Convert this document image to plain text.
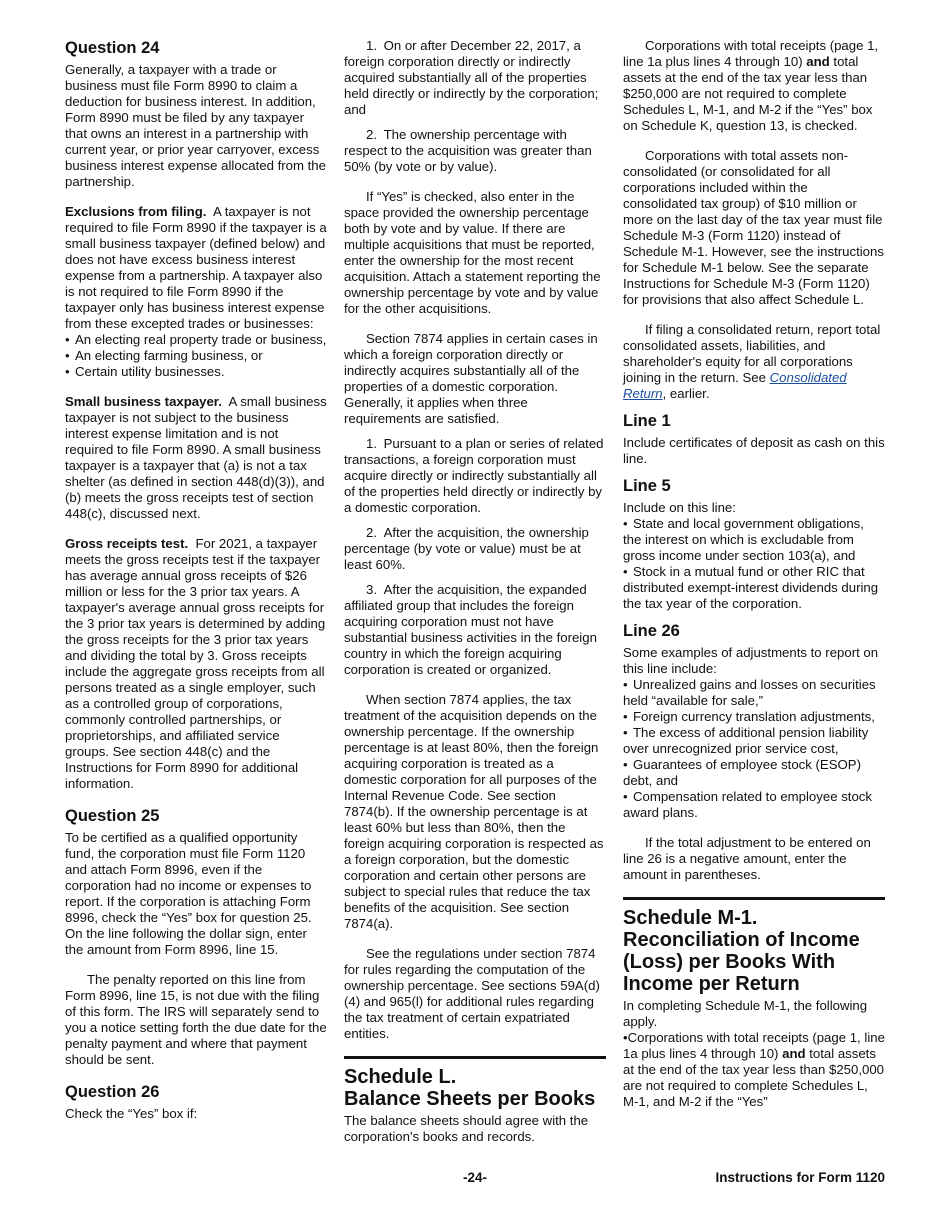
Question 24

Generally, a taxpayer with a trade or business must file Form 8990 to claim a deduction for business interest. In addition, Form 8990 must be filed by any taxpayer that owns an interest in a partnership with current year, or prior year carryover, excess business interest expense allocated from the partnership.

Exclusions from filing. A taxpayer is not required to file Form 8990 if the taxpayer is a small business taxpayer (defined below) and does not have excess business interest expense from a partnership. A taxpayer also is not required to file Form 8990 if the taxpayer only has business interest expense from these excepted trades or businesses:

• An electing real property trade or business,
• An electing farming business, or
• Certain utility businesses.

Small business taxpayer. A small business taxpayer is not subject to the business interest expense limitation and is not required to file Form 8990. A small business taxpayer is a taxpayer that (a) is not a tax shelter (as defined in section 448(d)(3)), and (b) meets the gross receipts test of section 448(c), discussed next.

Gross receipts test. For 2021, a taxpayer meets the gross receipts test if the taxpayer has average annual gross receipts of $26 million or less for the 3 prior tax years. A taxpayer's average annual gross receipts for the 3 prior tax years is determined by adding the gross receipts for the 3 prior tax years and dividing the total by 3. Gross receipts include the aggregate gross receipts from all persons treated as a single employer, such as a controlled group of corporations, commonly controlled partnerships, or proprietorships, and affiliated service groups. See section 448(c) and the Instructions for Form 8990 for additional information.

Question 25

To be certified as a qualified opportunity fund, the corporation must file Form 1120 and attach Form 8996, even if the corporation had no income or expenses to report. If the corporation is attaching Form 8996, check the “Yes” box for question 25. On the line following the dollar sign, enter the amount from Form 8996, line 15.

The penalty reported on this line from Form 8996, line 15, is not due with the filing of this form. The IRS will separately send to you a notice setting forth the due date for the penalty payment and where that payment should be sent.

Question 26

Check the “Yes” box if:

1. On or after December 22, 2017, a foreign corporation directly or indirectly acquired substantially all of the properties held directly or indirectly by the corporation; and

2. The ownership percentage with respect to the acquisition was greater than 50% (by vote or by value).

If “Yes” is checked, also enter in the space provided the ownership percentage both by vote and by value. If there are multiple acquisitions that must be reported, enter the ownership for the most recent acquisition. Attach a statement reporting the ownership percentage by vote and by value for the other acquisitions.

Section 7874 applies in certain cases in which a foreign corporation directly or indirectly acquires substantially all of the properties of a domestic corporation. Generally, it applies when three requirements are satisfied.

1. Pursuant to a plan or series of related transactions, a foreign corporation must acquire directly or indirectly substantially all of the properties held directly or indirectly by a domestic corporation.

2. After the acquisition, the ownership percentage (by vote or value) must be at least 60%.

3. After the acquisition, the expanded affiliated group that includes the foreign acquiring corporation must not have substantial business activities in the foreign country in which the foreign acquiring corporation is created or organized.

When section 7874 applies, the tax treatment of the acquisition depends on the ownership percentage. If the ownership percentage is at least 80%, then the foreign acquiring corporation is treated as a domestic corporation for all purposes of the Internal Revenue Code. See section 7874(b). If the ownership percentage is at least 60% but less than 80%, then the foreign acquiring corporation is respected as a foreign corporation, but the domestic corporation and certain other persons are subject to special rules that reduce the tax benefits of the acquisition. See section 7874(a).

See the regulations under section 7874 for rules regarding the computation of the ownership percentage. See sections 59A(d)(4) and 965(l) for additional rules regarding the tax treatment of certain expatriated entities.

Schedule L.
Balance Sheets per Books

The balance sheets should agree with the corporation's books and records.

Corporations with total receipts (page 1, line 1a plus lines 4 through 10) and total assets at the end of the tax year less than $250,000 are not required to complete Schedules L, M-1, and M-2 if the “Yes” box on Schedule K, question 13, is checked.

Corporations with total assets non-consolidated (or consolidated for all corporations included within the consolidated tax group) of $10 million or more on the last day of the tax year must file Schedule M-3 (Form 1120) instead of Schedule M-1. However, see the instructions for Schedule M-1 below. See the separate Instructions for Schedule M-3 (Form 1120) for provisions that also affect Schedule L.

If filing a consolidated return, report total consolidated assets, liabilities, and shareholder's equity for all corporations joining in the return. See Consolidated Return, earlier.

Line 1

Include certificates of deposit as cash on this line.

Line 5

Include on this line:

• State and local government obligations, the interest on which is excludable from gross income under section 103(a), and
• Stock in a mutual fund or other RIC that distributed exempt-interest dividends during the tax year of the corporation.
Line 26

Some examples of adjustments to report on this line include:

• Unrealized gains and losses on securities held “available for sale,”
• Foreign currency translation adjustments,
• The excess of additional pension liability over unrecognized prior service cost,
• Guarantees of employee stock (ESOP) debt, and
• Compensation related to employee stock award plans.

If the total adjustment to be entered on line 26 is a negative amount, enter the amount in parentheses.

Schedule M-1. Reconciliation of Income (Loss) per Books With Income per Return

In completing Schedule M-1, the following apply.

•Corporations with total receipts (page 1, line 1a plus lines 4 through 10) and total assets at the end of the tax year less than $250,000 are not required to complete Schedules L, M-1, and M-2 if the “Yes”

-24-	Instructions for Form 1120
